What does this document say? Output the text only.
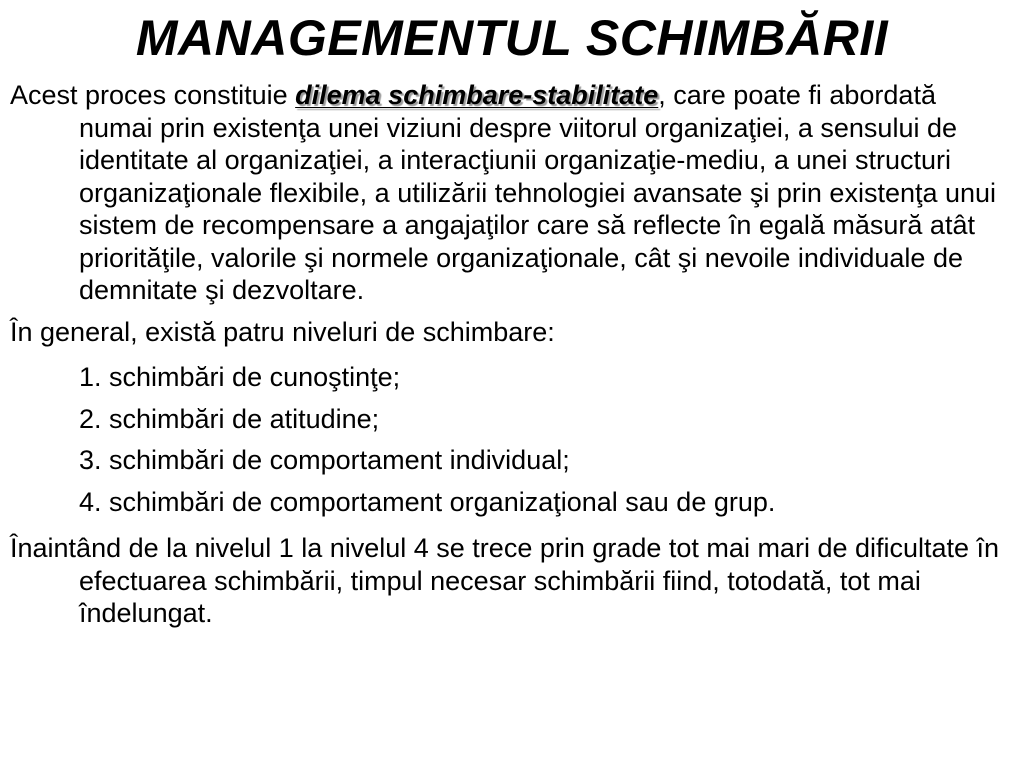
MANAGEMENTUL SCHIMBĂRII

Acest proces constituie dilema schimbare-stabilitate, care poate fi abordată numai prin existenţa unei viziuni despre viitorul organizaţiei, a sensului de identitate al organizaţiei, a interacţiunii organizaţie-mediu, a unei structuri organizaţionale flexibile, a utilizării tehnologiei avansate şi prin existenţa unui sistem de recompensare a angajaţilor care să reflecte în egală măsură atât priorităţile, valorile şi normele organizaţionale, cât şi nevoile individuale de demnitate şi dezvoltare.

În general, există patru niveluri de schimbare:

1. schimbări de cunoştinţe;
2. schimbări de atitudine;
3. schimbări de comportament individual;
4. schimbări de comportament organizaţional sau de grup.

Înaintând de la nivelul 1 la nivelul 4 se trece prin grade tot mai mari de dificultate în efectuarea schimbării, timpul necesar schimbării fiind, totodată, tot mai îndelungat.
